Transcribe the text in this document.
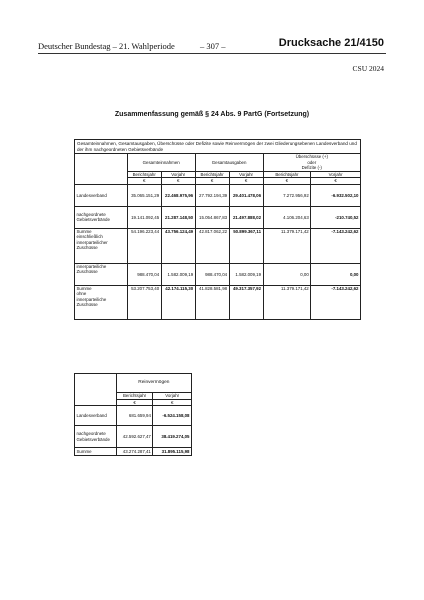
Deutscher Bundestag – 21. Wahlperiode	– 307 –	Drucksache 21/4150
CSU 2024
Zusammenfassung gemäß § 24 Abs. 9 PartG (Fortsetzung)
Gesamteinnahmen, Gesamtausgaben, Überschüsse oder Defizite sowie Reinvermögen der zwei Gliederungsebenen Landesverband und der ihm nachgeordneten Gebietsverbände						
	Gesamteinnahmen		Gesamtausgaben		Überschüsse (+)
oder
Defizite (-)	
	Berichtsjahr	Vorjahr	Berichtsjahr	Vorjahr	Berichtsjahr	Vorjahr
	€	€	€	€	€	€
Landesverband	35.065.151,29	22.468.975,96	27.792.194,39	29.401.478,06	7.272.956,92	-6.932.502,10
nachgeordnete
Gebietsverbände	19.141.092,45	21.287.148,50	15.054.867,83	21.497.888,02	4.106.204,63	-210.740,52
Summe
einschließlich
innerparteilicher
Zuschüsse	54.196.223,44	43.756.124,49	42.817.062,22	50.899.367,11	11.379.171,42	-7.143.242,62
innerparteiliche
Zuschüsse	988.470,04	1.582.009,19	988.470,04	1.582.009,19	0,00	0,00
Summe
ohne
innerparteiliche
Zuschüsse	53.207.753,40	42.174.115,30	41.828.581,98	49.317.357,92	11.379.171,42	-7.143.242,62
	Reinvermögen	
	Berichtsjahr	Vorjahr
	€	€
Landesverband	681.659,94	-6.524.158,08
nachgeordnete
Gebietsverbände	42.592.627,47	38.419.274,05
Summe	43.274.287,41	31.895.115,98
